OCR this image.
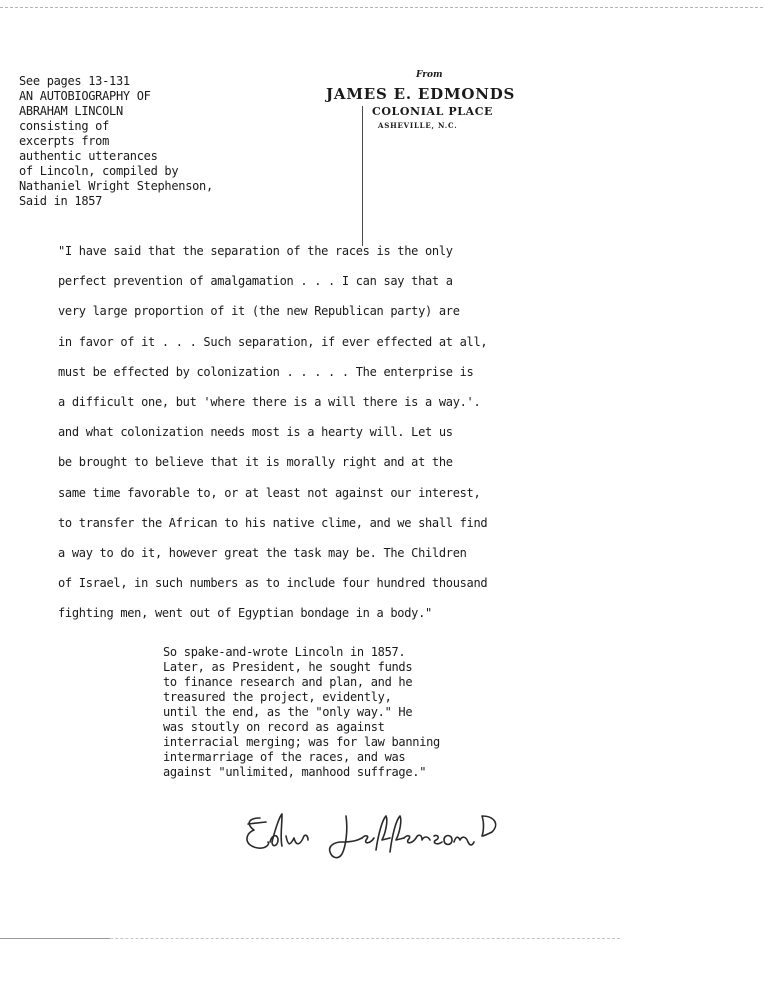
See pages 13-131
AN AUTOBIOGRAPHY OF
ABRAHAM LINCOLN
consisting of
excerpts from
authentic utterances
of Lincoln, compiled by
Nathaniel Wright Stephenson,
Said in 1857
From
JAMES E. EDMONDS
COLONIAL PLACE
ASHEVILLE, N.C.
"I have said that the separation of the races is the only
perfect prevention of amalgamation . . . I can say that a
very large proportion of it (the new Republican party) are
in favor of it . . . Such separation, if ever effected at all,
must be effected by colonization . . . . . The enterprise is
a difficult one, but 'where there is a will there is a way.'.
and what colonization needs most is a hearty will. Let us
be brought to believe that it is morally right and at the
same time favorable to, or at least not against our interest,
to transfer the African to his native clime, and we shall find
a way to do it, however great the task may be. The Children
of Israel, in such numbers as to include four hundred thousand
fighting men, went out of Egyptian bondage in a body."
So spake-and-wrote Lincoln in 1857.
Later, as President, he sought funds
to finance research and plan, and he
treasured the project, evidently,
until the end, as the "only way." He
was stoutly on record as against
interracial merging; was for law banning
intermarriage of the races, and was
against "unlimited, manhood suffrage."
